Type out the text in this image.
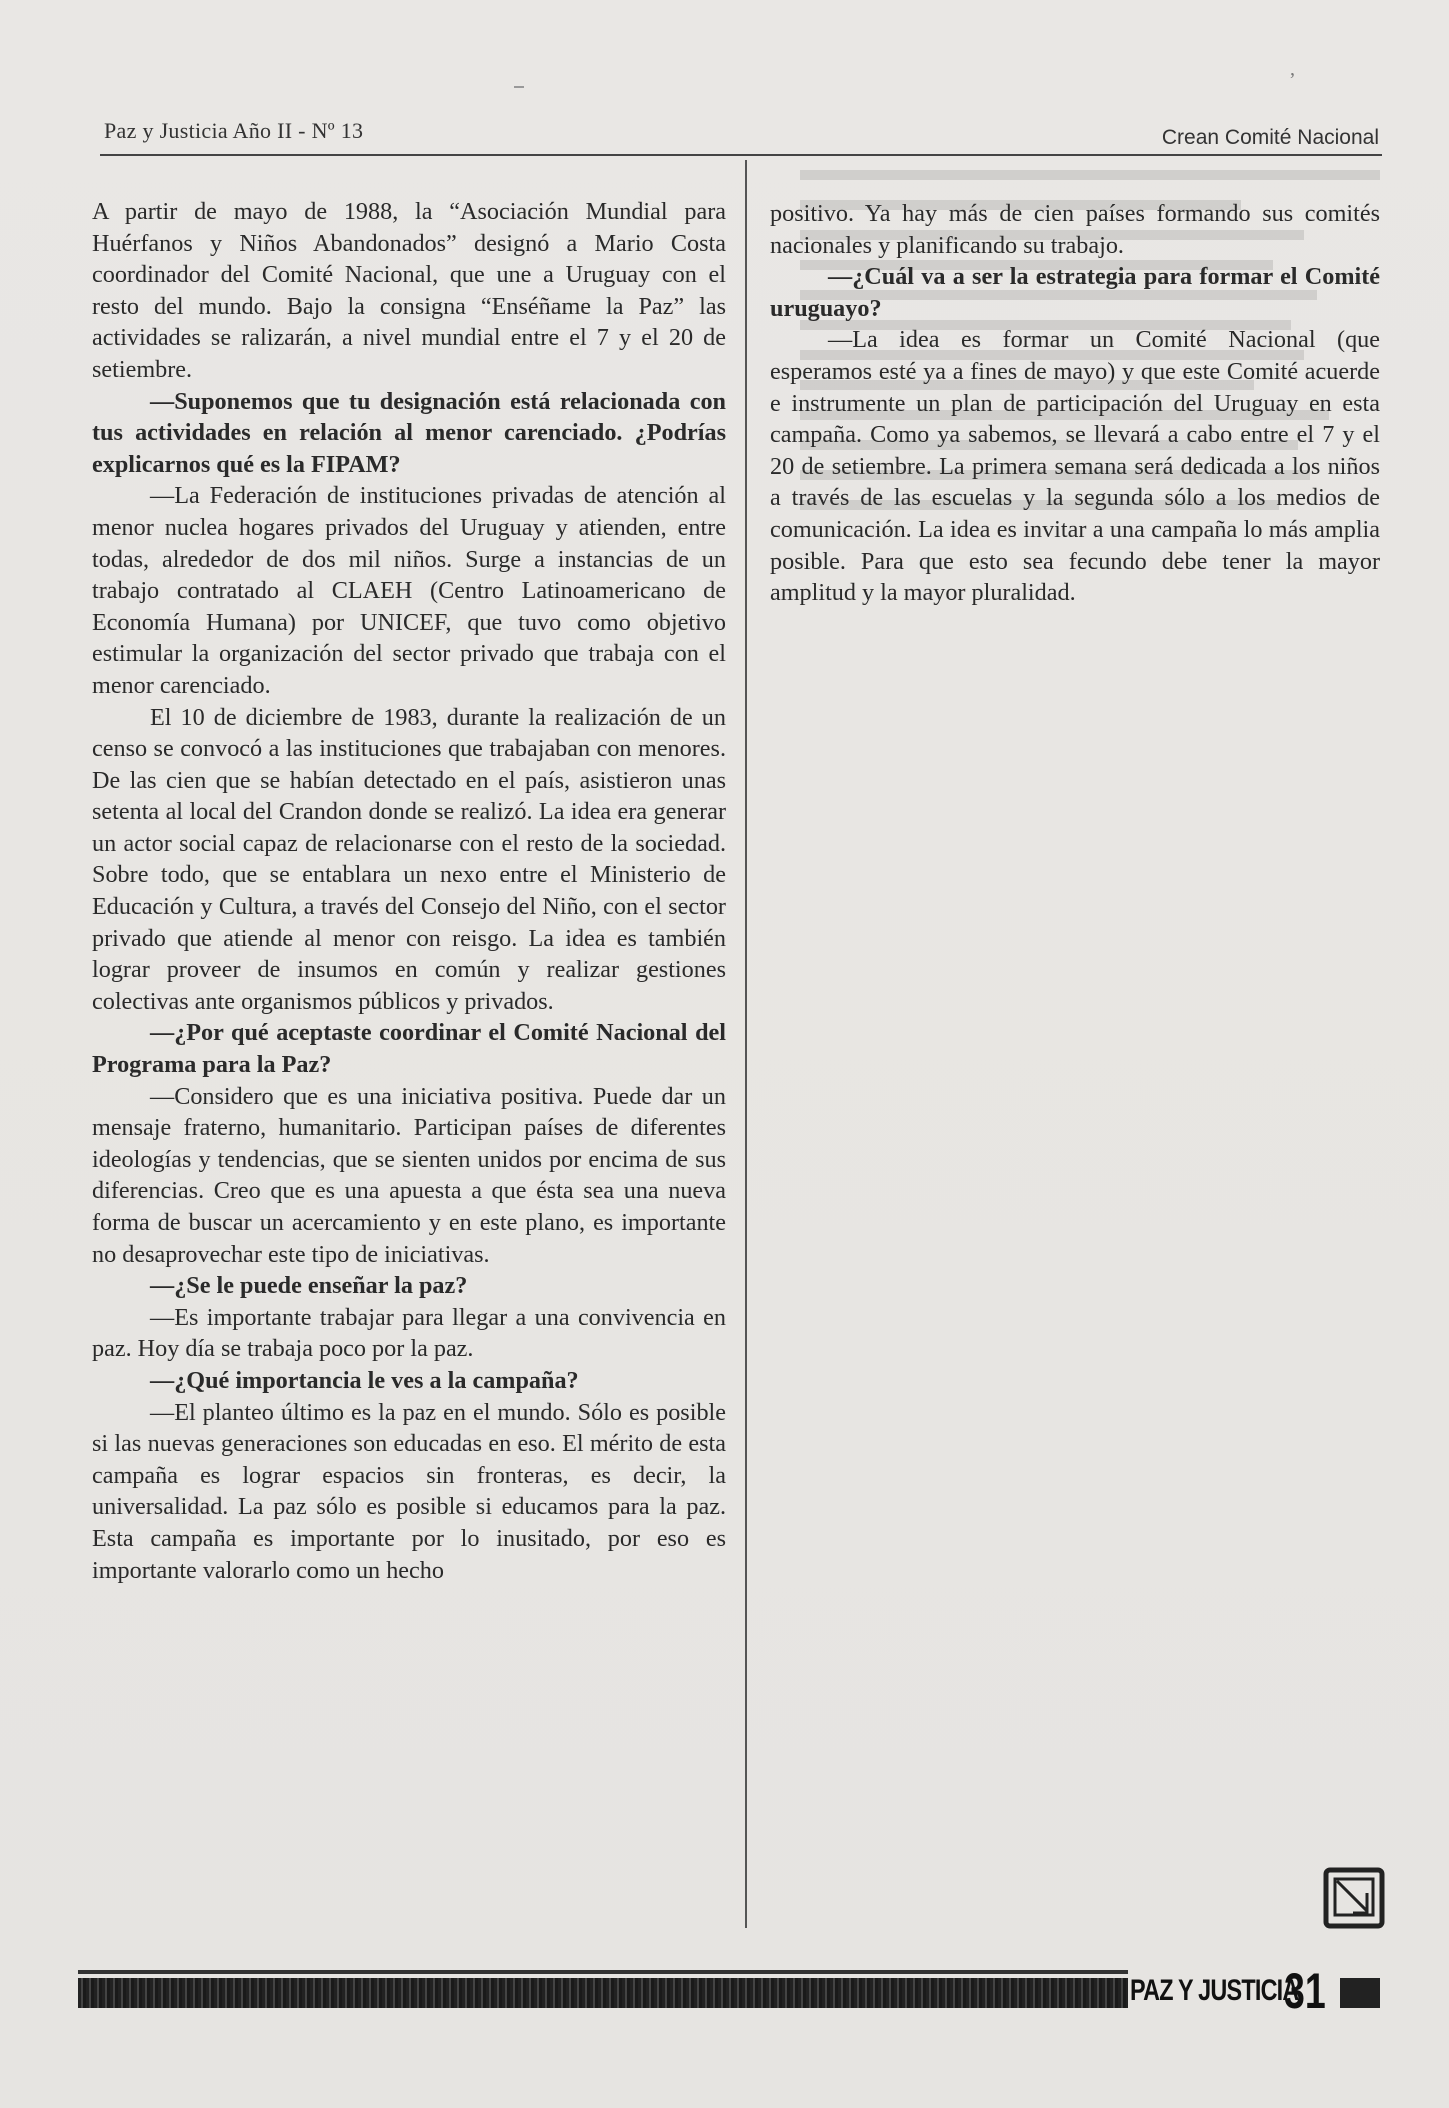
,
Paz y Justicia Año II - Nº 13	Crean Comité Nacional

A partir de mayo de 1988, la “Asociación Mundial para Huérfanos y Niños Abandonados” designó a Mario Costa coordinador del Comité Nacional, que une a Uruguay con el resto del mundo. Bajo la consigna “Enséñame la Paz” las actividades se ralizarán, a nivel mundial entre el 7 y el 20 de setiembre.

—Suponemos que tu designación está relacionada con tus actividades en relación al menor carenciado. ¿Podrías explicarnos qué es la FIPAM?

—La Federación de instituciones privadas de atención al menor nuclea hogares privados del Uruguay y atienden, entre todas, alrededor de dos mil niños. Surge a instancias de un trabajo contratado al CLAEH (Centro Latinoamericano de Economía Humana) por UNICEF, que tuvo como objetivo estimular la organización del sector privado que trabaja con el menor carenciado.

El 10 de diciembre de 1983, durante la realización de un censo se convocó a las instituciones que trabajaban con menores. De las cien que se habían detectado en el país, asistieron unas setenta al local del Crandon donde se realizó. La idea era generar un actor social capaz de relacionarse con el resto de la sociedad. Sobre todo, que se entablara un nexo entre el Ministerio de Educación y Cultura, a través del Consejo del Niño, con el sector privado que atiende al menor con reisgo. La idea es también lograr proveer de insumos en común y realizar gestiones colectivas ante organismos públicos y privados.

—¿Por qué aceptaste coordinar el Comité Nacional del Programa para la Paz?

—Considero que es una iniciativa positiva. Puede dar un mensaje fraterno, humanitario. Participan países de diferentes ideologías y tendencias, que se sienten unidos por encima de sus diferencias. Creo que es una apuesta a que ésta sea una nueva forma de buscar un acercamiento y en este plano, es importante no desaprovechar este tipo de iniciativas.

—¿Se le puede enseñar la paz?

—Es importante trabajar para llegar a una convivencia en paz. Hoy día se trabaja poco por la paz.

—¿Qué importancia le ves a la campaña?

—El planteo último es la paz en el mundo. Sólo es posible si las nuevas generaciones son educadas en eso. El mérito de esta campaña es lograr espacios sin fronteras, es decir, la universalidad. La paz sólo es posible si educamos para la paz. Esta campaña es importante por lo inusitado, por eso es importante valorarlo como un hecho

positivo. Ya hay más de cien países formando sus comités nacionales y planificando su trabajo.

—¿Cuál va a ser la estrategia para formar el Comité uruguayo?

—La idea es formar un Comité Nacional (que esperamos esté ya a fines de mayo) y que este Comité acuerde e instrumente un plan de participación del Uruguay en esta campaña. Como ya sabemos, se llevará a cabo entre el 7 y el 20 de setiembre. La primera semana será dedicada a los niños a través de las escuelas y la segunda sólo a los medios de comunicación. La idea es invitar a una campaña lo más amplia posible. Para que esto sea fecundo debe tener la mayor amplitud y la mayor pluralidad.

PAZ Y JUSTICIA
31
